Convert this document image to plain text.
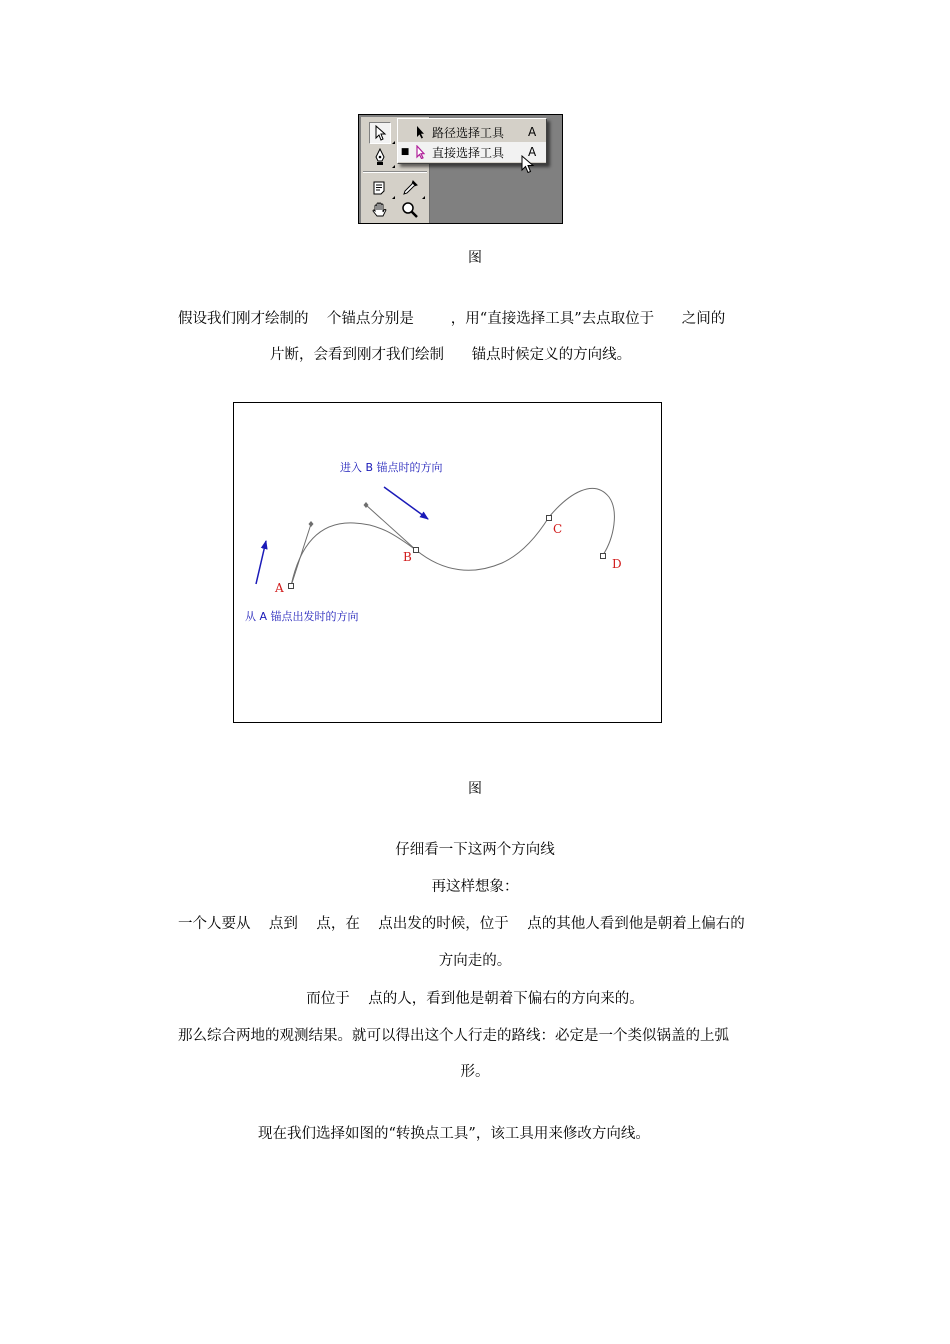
路径选择工具	A
■ 直接选择工具	A
图
假设我们刚才绘制的    个锚点分别是        ，用“直接选择工具”去点取位于      之间的
片断，会看到刚才我们绘制      锚点时候定义的方向线。
A
B
C
D
进入 B 锚点时的方向
从 A 锚点出发时的方向
图
仔细看一下这两个方向线
再这样想象：
一个人要从    点到    点，在    点出发的时候，位于    点的其他人看到他是朝着上偏右的
方向走的。
而位于    点的人，看到他是朝着下偏右的方向来的。
那么综合两地的观测结果。就可以得出这个人行走的路线：必定是一个类似锅盖的上弧
形。
现在我们选择如图的“转换点工具”，该工具用来修改方向线。
